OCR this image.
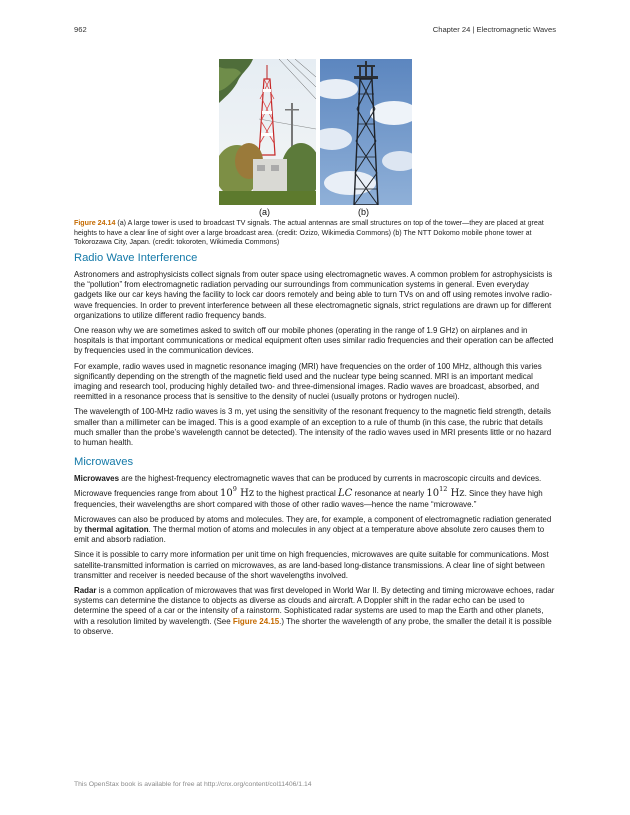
962	Chapter 24 | Electromagnetic Waves
(a)	(b)
Figure 24.14 (a) A large tower is used to broadcast TV signals. The actual antennas are small structures on top of the tower—they are placed at great heights to have a clear line of sight over a large broadcast area. (credit: Ozizo, Wikimedia Commons) (b) The NTT Dokomo mobile phone tower at Tokorozawa City, Japan. (credit: tokoroten, Wikimedia Commons)
Radio Wave Interference

Astronomers and astrophysicists collect signals from outer space using electromagnetic waves. A common problem for astrophysicists is the “pollution” from electromagnetic radiation pervading our surroundings from communication systems in general. Even everyday gadgets like our car keys having the facility to lock car doors remotely and being able to turn TVs on and off using remotes involve radio-wave frequencies. In order to prevent interference between all these electromagnetic signals, strict regulations are drawn up for different organizations to utilize different radio frequency bands.

One reason why we are sometimes asked to switch off our mobile phones (operating in the range of 1.9 GHz) on airplanes and in hospitals is that important communications or medical equipment often uses similar radio frequencies and their operation can be affected by frequencies used in the communication devices.

For example, radio waves used in magnetic resonance imaging (MRI) have frequencies on the order of 100 MHz, although this varies significantly depending on the strength of the magnetic field used and the nuclear type being scanned. MRI is an important medical imaging and research tool, producing highly detailed two- and three-dimensional images. Radio waves are broadcast, absorbed, and reemitted in a resonance process that is sensitive to the density of nuclei (usually protons or hydrogen nuclei).

The wavelength of 100-MHz radio waves is 3 m, yet using the sensitivity of the resonant frequency to the magnetic field strength, details smaller than a millimeter can be imaged. This is a good example of an exception to a rule of thumb (in this case, the rubric that details much smaller than the probe’s wavelength cannot be detected). The intensity of the radio waves used in MRI presents little or no hazard to human health.

Microwaves

Microwaves are the highest-frequency electromagnetic waves that can be produced by currents in macroscopic circuits and devices. Microwave frequencies range from about $10^9$ Hz to the highest practical LC resonance at nearly $10^{12}$ Hz. Since they have high frequencies, their wavelengths are short compared with those of other radio waves—hence the name “microwave.”

Microwaves can also be produced by atoms and molecules. They are, for example, a component of electromagnetic radiation generated by thermal agitation. The thermal motion of atoms and molecules in any object at a temperature above absolute zero causes them to emit and absorb radiation.

Since it is possible to carry more information per unit time on high frequencies, microwaves are quite suitable for communications. Most satellite-transmitted information is carried on microwaves, as are land-based long-distance transmissions. A clear line of sight between transmitter and receiver is needed because of the short wavelengths involved.

Radar is a common application of microwaves that was first developed in World War II. By detecting and timing microwave echoes, radar systems can determine the distance to objects as diverse as clouds and aircraft. A Doppler shift in the radar echo can be used to determine the speed of a car or the intensity of a rainstorm. Sophisticated radar systems are used to map the Earth and other planets, with a resolution limited by wavelength. (See Figure 24.15.) The shorter the wavelength of any probe, the smaller the detail it is possible to observe.

This OpenStax book is available for free at http://cnx.org/content/col11406/1.14
